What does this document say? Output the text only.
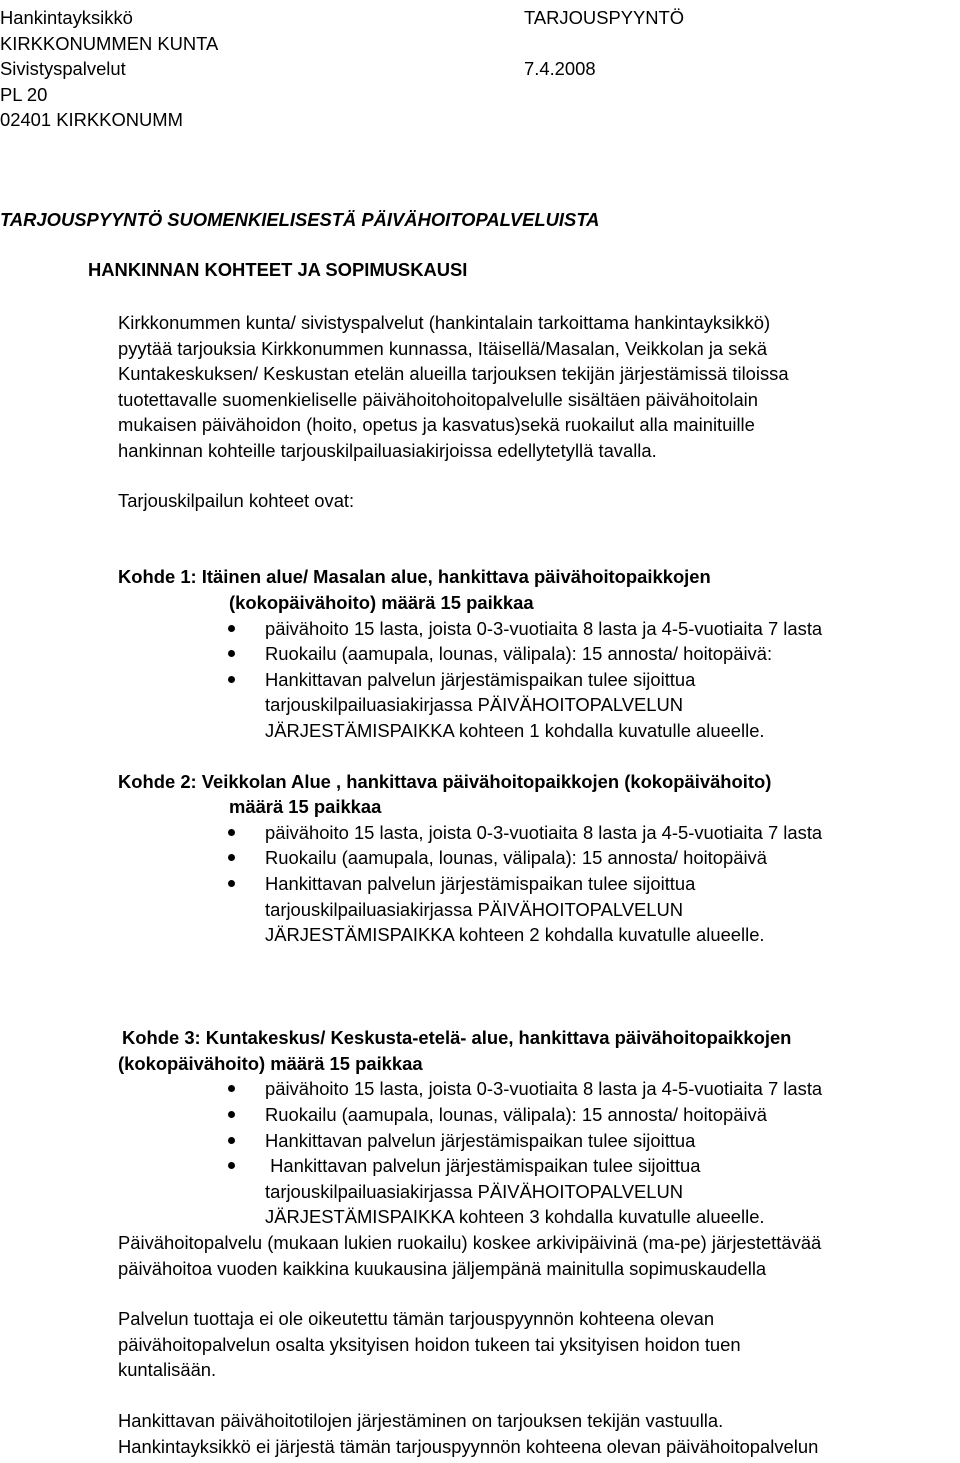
Hankintayksikkö
KIRKKONUMMEN KUNTA
Sivistyspalvelut
PL 20
02401 KIRKKONUMM
TARJOUSPYYNTÖ
7.4.2008
TARJOUSPYYNTÖ SUOMENKIELISESTÄ PÄIVÄHOITOPALVELUISTA
HANKINNAN KOHTEET JA SOPIMUSKAUSI
Kirkkonummen kunta/ sivistyspalvelut (hankintalain tarkoittama hankintayksikkö)
pyytää tarjouksia Kirkkonummen kunnassa, Itäisellä/Masalan, Veikkolan ja sekä
Kuntakeskuksen/ Keskustan etelän alueilla tarjouksen tekijän järjestämissä tiloissa
tuotettavalle suomenkieliselle päivähoitohoitopalvelulle sisältäen päivähoitolain
mukaisen päivähoidon (hoito, opetus ja kasvatus)sekä ruokailut alla mainituille
hankinnan kohteille tarjouskilpailuasiakirjoissa edellytetyllä tavalla.
Tarjouskilpailun kohteet ovat:
Kohde 1: Itäinen alue/ Masalan alue, hankittava päivähoitopaikkojen
(kokopäivähoito) määrä 15 paikkaa
päivähoito 15 lasta, joista 0-3-vuotiaita 8 lasta ja 4-5-vuotiaita 7 lasta
Ruokailu (aamupala, lounas, välipala): 15 annosta/ hoitopäivä:
Hankittavan palvelun järjestämispaikan tulee sijoittua
tarjouskilpailuasiakirjassa PÄIVÄHOITOPALVELUN
JÄRJESTÄMISPAIKKA kohteen 1 kohdalla kuvatulle alueelle.
Kohde 2: Veikkolan Alue , hankittava päivähoitopaikkojen (kokopäivähoito)
määrä 15 paikkaa
päivähoito 15 lasta, joista 0-3-vuotiaita 8 lasta ja 4-5-vuotiaita 7 lasta
Ruokailu (aamupala, lounas, välipala): 15 annosta/ hoitopäivä
Hankittavan palvelun järjestämispaikan tulee sijoittua
tarjouskilpailuasiakirjassa PÄIVÄHOITOPALVELUN
JÄRJESTÄMISPAIKKA kohteen 2 kohdalla kuvatulle alueelle.
Kohde 3: Kuntakeskus/ Keskusta-etelä- alue, hankittava päivähoitopaikkojen
(kokopäivähoito) määrä 15 paikkaa
päivähoito 15 lasta, joista 0-3-vuotiaita 8 lasta ja 4-5-vuotiaita 7 lasta
Ruokailu (aamupala, lounas, välipala): 15 annosta/ hoitopäivä
Hankittavan palvelun järjestämispaikan tulee sijoittua
Hankittavan palvelun järjestämispaikan tulee sijoittua
tarjouskilpailuasiakirjassa PÄIVÄHOITOPALVELUN
JÄRJESTÄMISPAIKKA kohteen 3 kohdalla kuvatulle alueelle.
Päivähoitopalvelu (mukaan lukien ruokailu) koskee arkivipäivinä (ma-pe) järjestettävää
päivähoitoa vuoden kaikkina kuukausina jäljempänä mainitulla sopimuskaudella
Palvelun tuottaja ei ole oikeutettu tämän tarjouspyynnön kohteena olevan
päivähoitopalvelun osalta yksityisen hoidon tukeen tai yksityisen hoidon tuen
kuntalisään.
Hankittavan päivähoitotilojen järjestäminen on tarjouksen tekijän vastuulla.
Hankintayksikkö ei järjestä tämän tarjouspyynnön kohteena olevan päivähoitopalvelun
